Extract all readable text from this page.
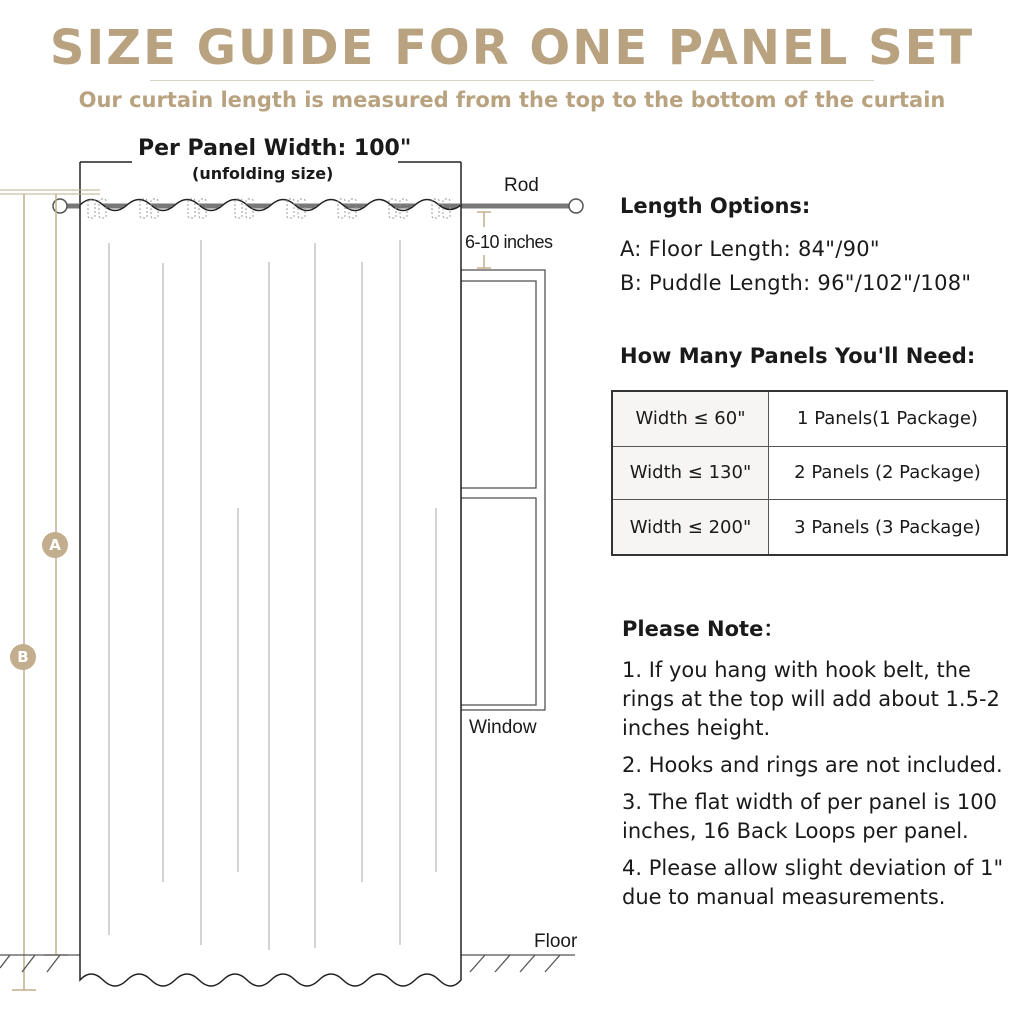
SIZE GUIDE FOR ONE PANEL SET
Our curtain length is measured from the top to the bottom of the curtain
Per Panel Width: 100"
(unfolding size)
Rod
6-10 inches
Window
Floor
A
B
Length Options:
A: Floor Length: 84"/90"
B: Puddle Length: 96"/102"/108"
How Many Panels You'll Need:
Width ≤ 60"	1 Panels(1 Package)
Width ≤ 130"	2 Panels (2 Package)
Width ≤ 200"	3 Panels (3 Package)
Please Note：
1. If you hang with hook belt, the rings at the top will add about 1.5-2 inches height.
2. Hooks and rings are not included.
3. The flat width of per panel is 100 inches, 16 Back Loops per panel.
4. Please allow slight deviation of 1" due to manual measurements.
